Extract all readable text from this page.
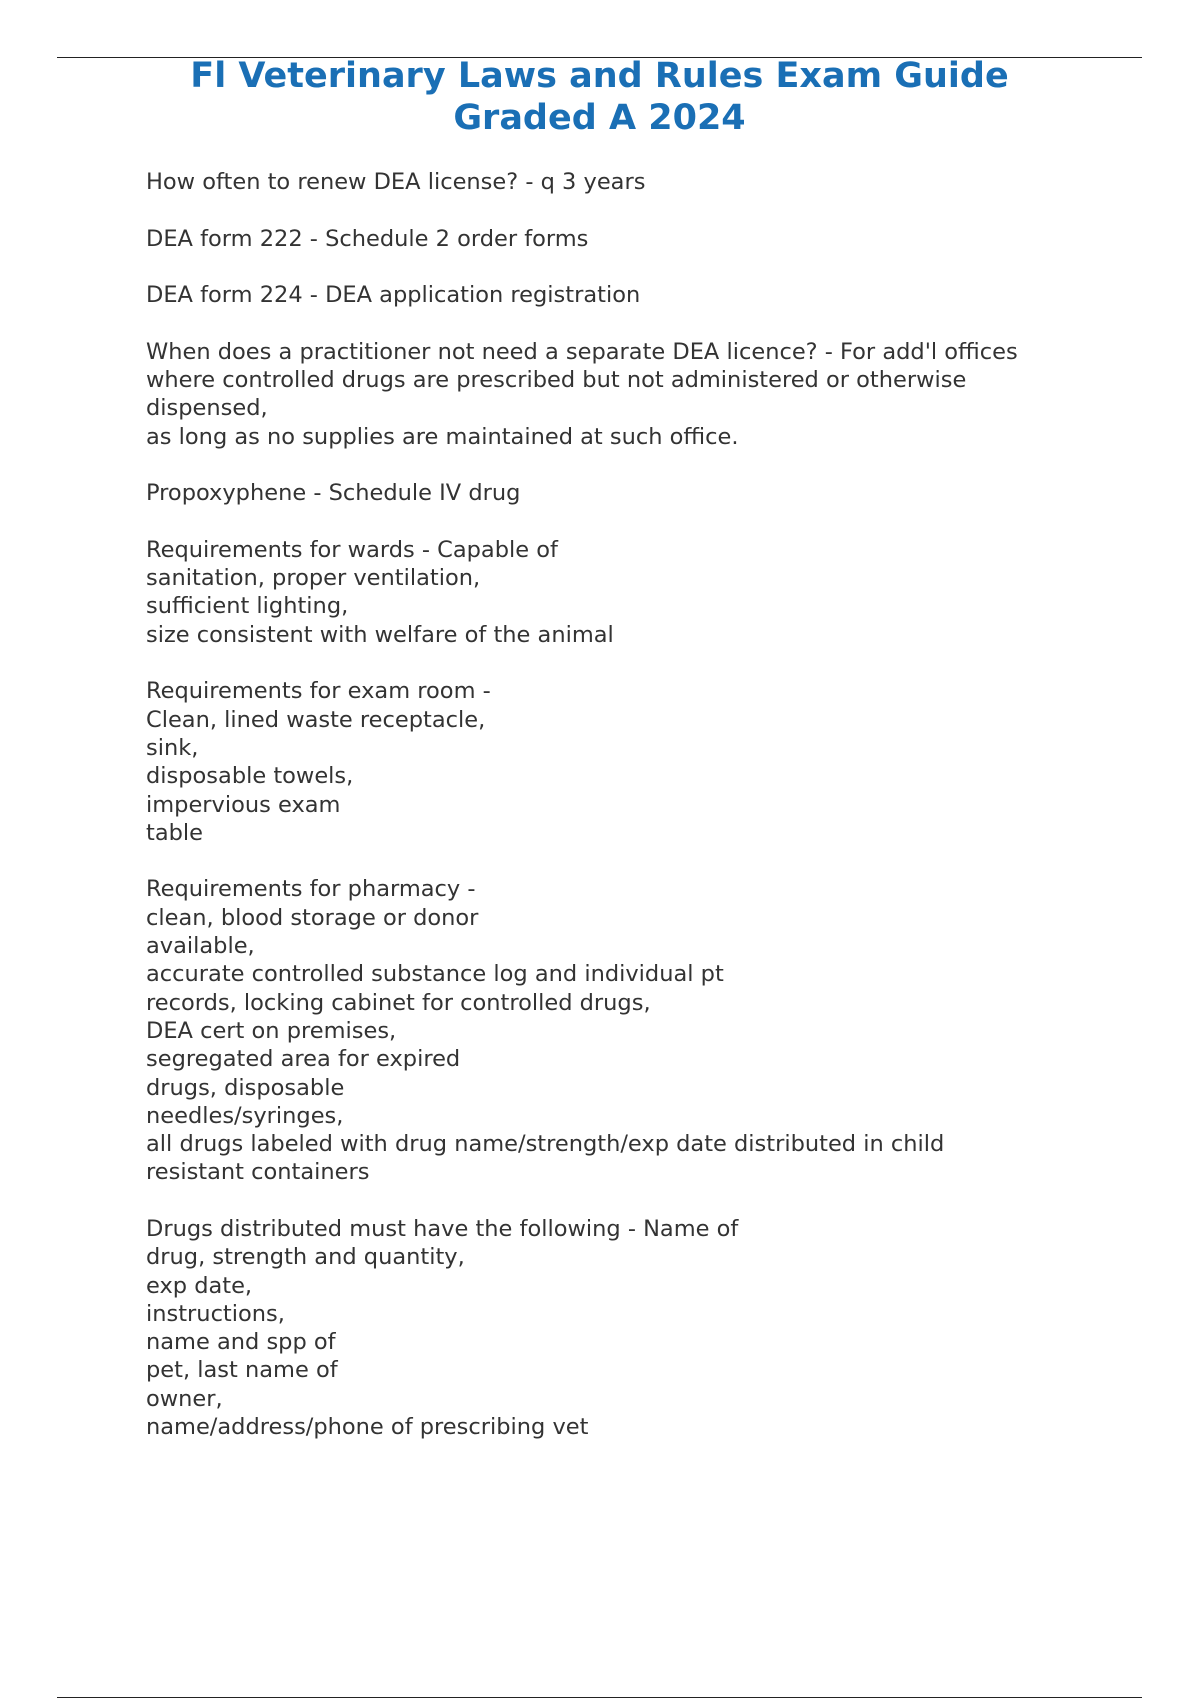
Fl Veterinary Laws and Rules Exam Guide
Graded A 2024

How often to renew DEA license? - q 3 years

DEA form 222 - Schedule 2 order forms

DEA form 224 - DEA application registration

When does a practitioner not need a separate DEA licence? - For add'l offices
where controlled drugs are prescribed but not administered or otherwise
dispensed,
as long as no supplies are maintained at such office.

Propoxyphene - Schedule IV drug

Requirements for wards - Capable of
sanitation, proper ventilation,
sufficient lighting,
size consistent with welfare of the animal

Requirements for exam room -
Clean, lined waste receptacle,
sink,
disposable towels,
impervious exam
table

Requirements for pharmacy -
clean, blood storage or donor
available,
accurate controlled substance log and individual pt
records, locking cabinet for controlled drugs,
DEA cert on premises,
segregated area for expired
drugs, disposable
needles/syringes,
all drugs labeled with drug name/strength/exp date distributed in child
resistant containers

Drugs distributed must have the following - Name of
drug, strength and quantity,
exp date,
instructions,
name and spp of
pet, last name of
owner,
name/address/phone of prescribing vet
